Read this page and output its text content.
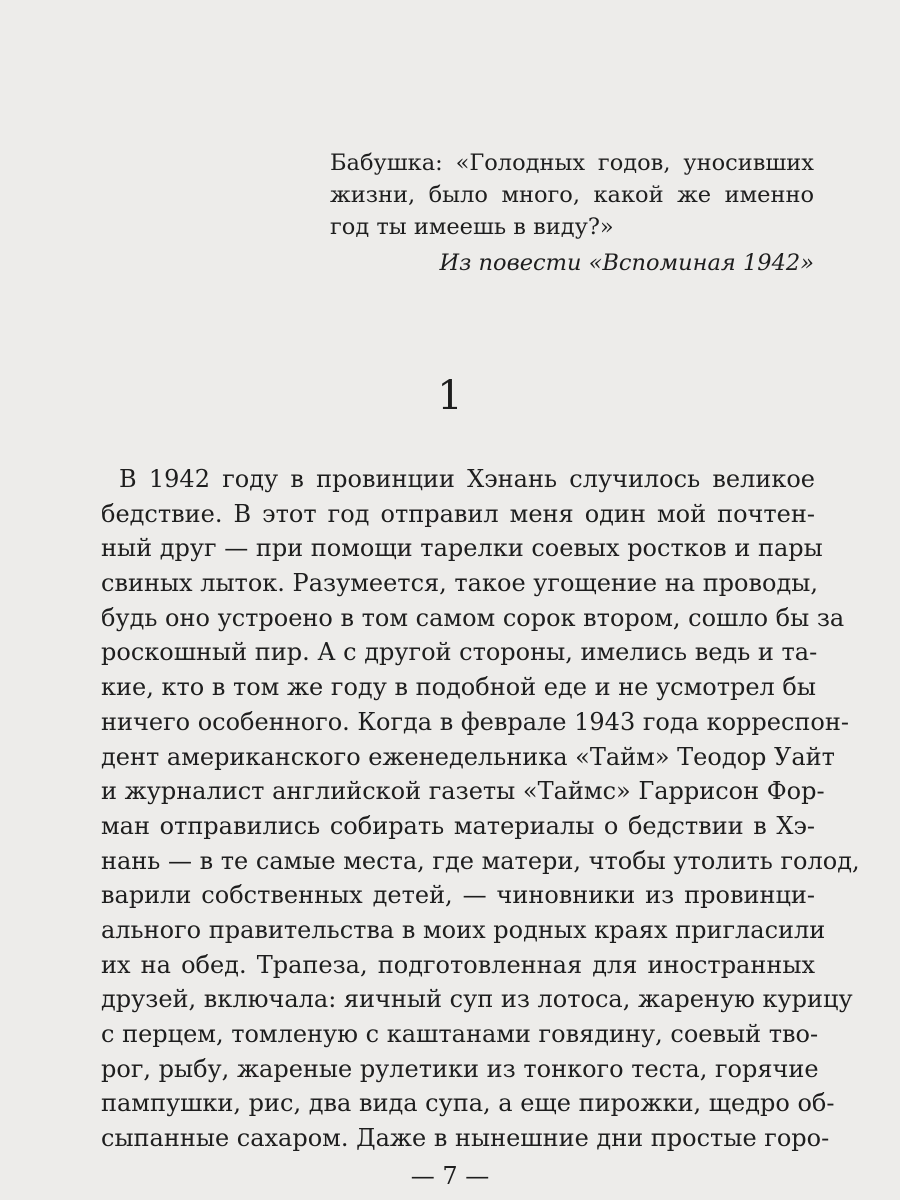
Бабушка: «Голодных годов, уносивших жизни, было много, какой же именно год ты имеешь в виду?»
Из повести «Вспоминая 1942»
1
В 1942 году в провинции Хэнань случилось великое
бедствие. В этот год отправил меня один мой почтен-
ный друг — при помощи тарелки соевых ростков и пары
свиных лыток. Разумеется, такое угощение на проводы,
будь оно устроено в том самом сорок втором, сошло бы за
роскошный пир. А с другой стороны, имелись ведь и та-
кие, кто в том же году в подобной еде и не усмотрел бы
ничего особенного. Когда в феврале 1943 года корреспон-
дент американского еженедельника «Тайм» Теодор Уайт
и журналист английской газеты «Таймс» Гаррисон Фор-
ман отправились собирать материалы о бедствии в Хэ-
нань — в те самые места, где матери, чтобы утолить голод,
варили собственных детей, — чиновники из провинци-
ального правительства в моих родных краях пригласили
их на обед. Трапеза, подготовленная для иностранных
друзей, включала: яичный суп из лотоса, жареную курицу
с перцем, томленую с каштанами говядину, соевый тво-
рог, рыбу, жареные рулетики из тонкого теста, горячие
пампушки, рис, два вида супа, а еще пирожки, щедро об-
сыпанные сахаром. Даже в нынешние дни простые горо-
— 7 —
